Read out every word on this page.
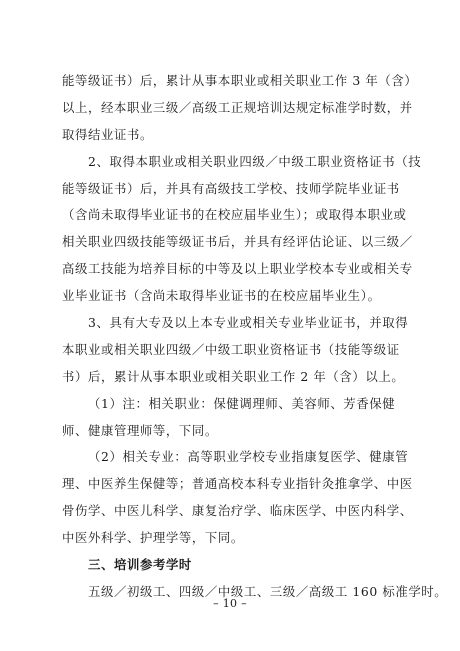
能等级证书）后，累计从事本职业或相关职业工作 3 年（含）
以上，经本职业三级／高级工正规培训达规定标准学时数，并
取得结业证书。
2、取得本职业或相关职业四级／中级工职业资格证书（技
能等级证书）后，并具有高级技工学校、技师学院毕业证书
（含尚未取得毕业证书的在校应届毕业生）；或取得本职业或
相关职业四级技能等级证书后，并具有经评估论证、以三级／
高级工技能为培养目标的中等及以上职业学校本专业或相关专
业毕业证书（含尚未取得毕业证书的在校应届毕业生）。
3、具有大专及以上本专业或相关专业毕业证书，并取得
本职业或相关职业四级／中级工职业资格证书（技能等级证
书）后，累计从事本职业或相关职业工作 2 年（含）以上。
（1）注：相关职业：保健调理师、美容师、芳香保健
师、健康管理师等，下同。
（2）相关专业：高等职业学校专业指康复医学、健康管
理、中医养生保健等；普通高校本科专业指针灸推拿学、中医
骨伤学、中医儿科学、康复治疗学、临床医学、中医内科学、
中医外科学、护理学等，下同。
三、培训参考学时
五级／初级工、四级／中级工、三级／高级工 160 标准学时。
– 10 –
